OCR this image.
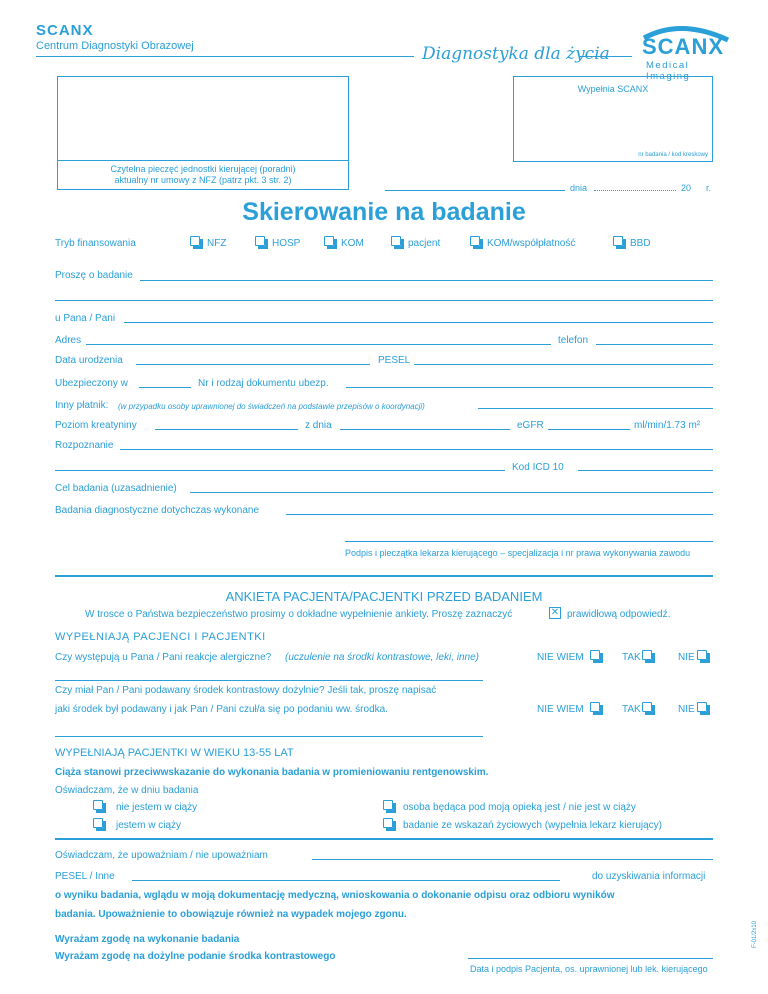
SCANX
Centrum Diagnostyki Obrazowej	Diagnostyka dla życia SCANX
Medical Imaging
Czytelna pieczęć jednostki kierującej (poradni)
aktualny nr umowy z NFZ (patrz pkt. 3 str. 2)
Wypełnia SCANX
nr badania / kod kreskowy
dnia	20 r.
Skierowanie na badanie
Tryb finansowania	NFZ	HOSP	KOM	pacjent	KOM/współpłatność	BBD
Proszę o badanie
u Pana / Pani
Adres	telefon
Data urodzenia	PESEL
Ubezpieczony w	Nr i rodzaj dokumentu ubezp.
Inny płatnik: (w przypadku osoby uprawnionej do świadczeń na podstawie przepisów o koordynacji)
Poziom kreatyniny	z dnia	eGFR	ml/min/1.73 m²
Rozpoznanie
Kod ICD 10
Cel badania (uzasadnienie)
Badania diagnostyczne dotychczas wykonane
Podpis i pieczątka lekarza kierującego – specjalizacja i nr prawa wykonywania zawodu
ANKIETA PACJENTA/PACJENTKI PRZED BADANIEM
W trosce o Państwa bezpieczeństwo prosimy o dokładne wypełnienie ankiety. Proszę zaznaczyć	✕ prawidłową odpowiedź.
WYPEŁNIAJĄ PACJENCI I PACJENTKI
Czy występują u Pana / Pani reakcje alergiczne? (uczulenie na środki kontrastowe, leki, inne)	NIE WIEM	TAK	NIE
Czy miał Pan / Pani podawany środek kontrastowy dożylnie? Jeśli tak, proszę napisać
jaki środek był podawany i jak Pan / Pani czuł/a się po podaniu ww. środka.	NIE WIEM	TAK	NIE
WYPEŁNIAJĄ PACJENTKI W WIEKU 13-55 LAT
Ciąża stanowi przeciwwskazanie do wykonania badania w promieniowaniu rentgenowskim.
Oświadczam, że w dniu badania
nie jestem w ciąży
jestem w ciąży
osoba będąca pod moją opieką jest / nie jest w ciąży
badanie ze wskazań życiowych (wypełnia lekarz kierujący)
Oświadczam, że upoważniam / nie upoważniam
PESEL / Inne	do uzyskiwania informacji
o wyniku badania, wglądu w moją dokumentację medyczną, wnioskowania o dokonanie odpisu oraz odbioru wyników
badania. Upoważnienie to obowiązuje również na wypadek mojego zgonu.
Wyrażam zgodę na wykonanie badania
Wyrażam zgodę na dożylne podanie środka kontrastowego
Data i podpis Pacjenta, os. uprawnionej lub lek. kierującego
F-01/2x10
